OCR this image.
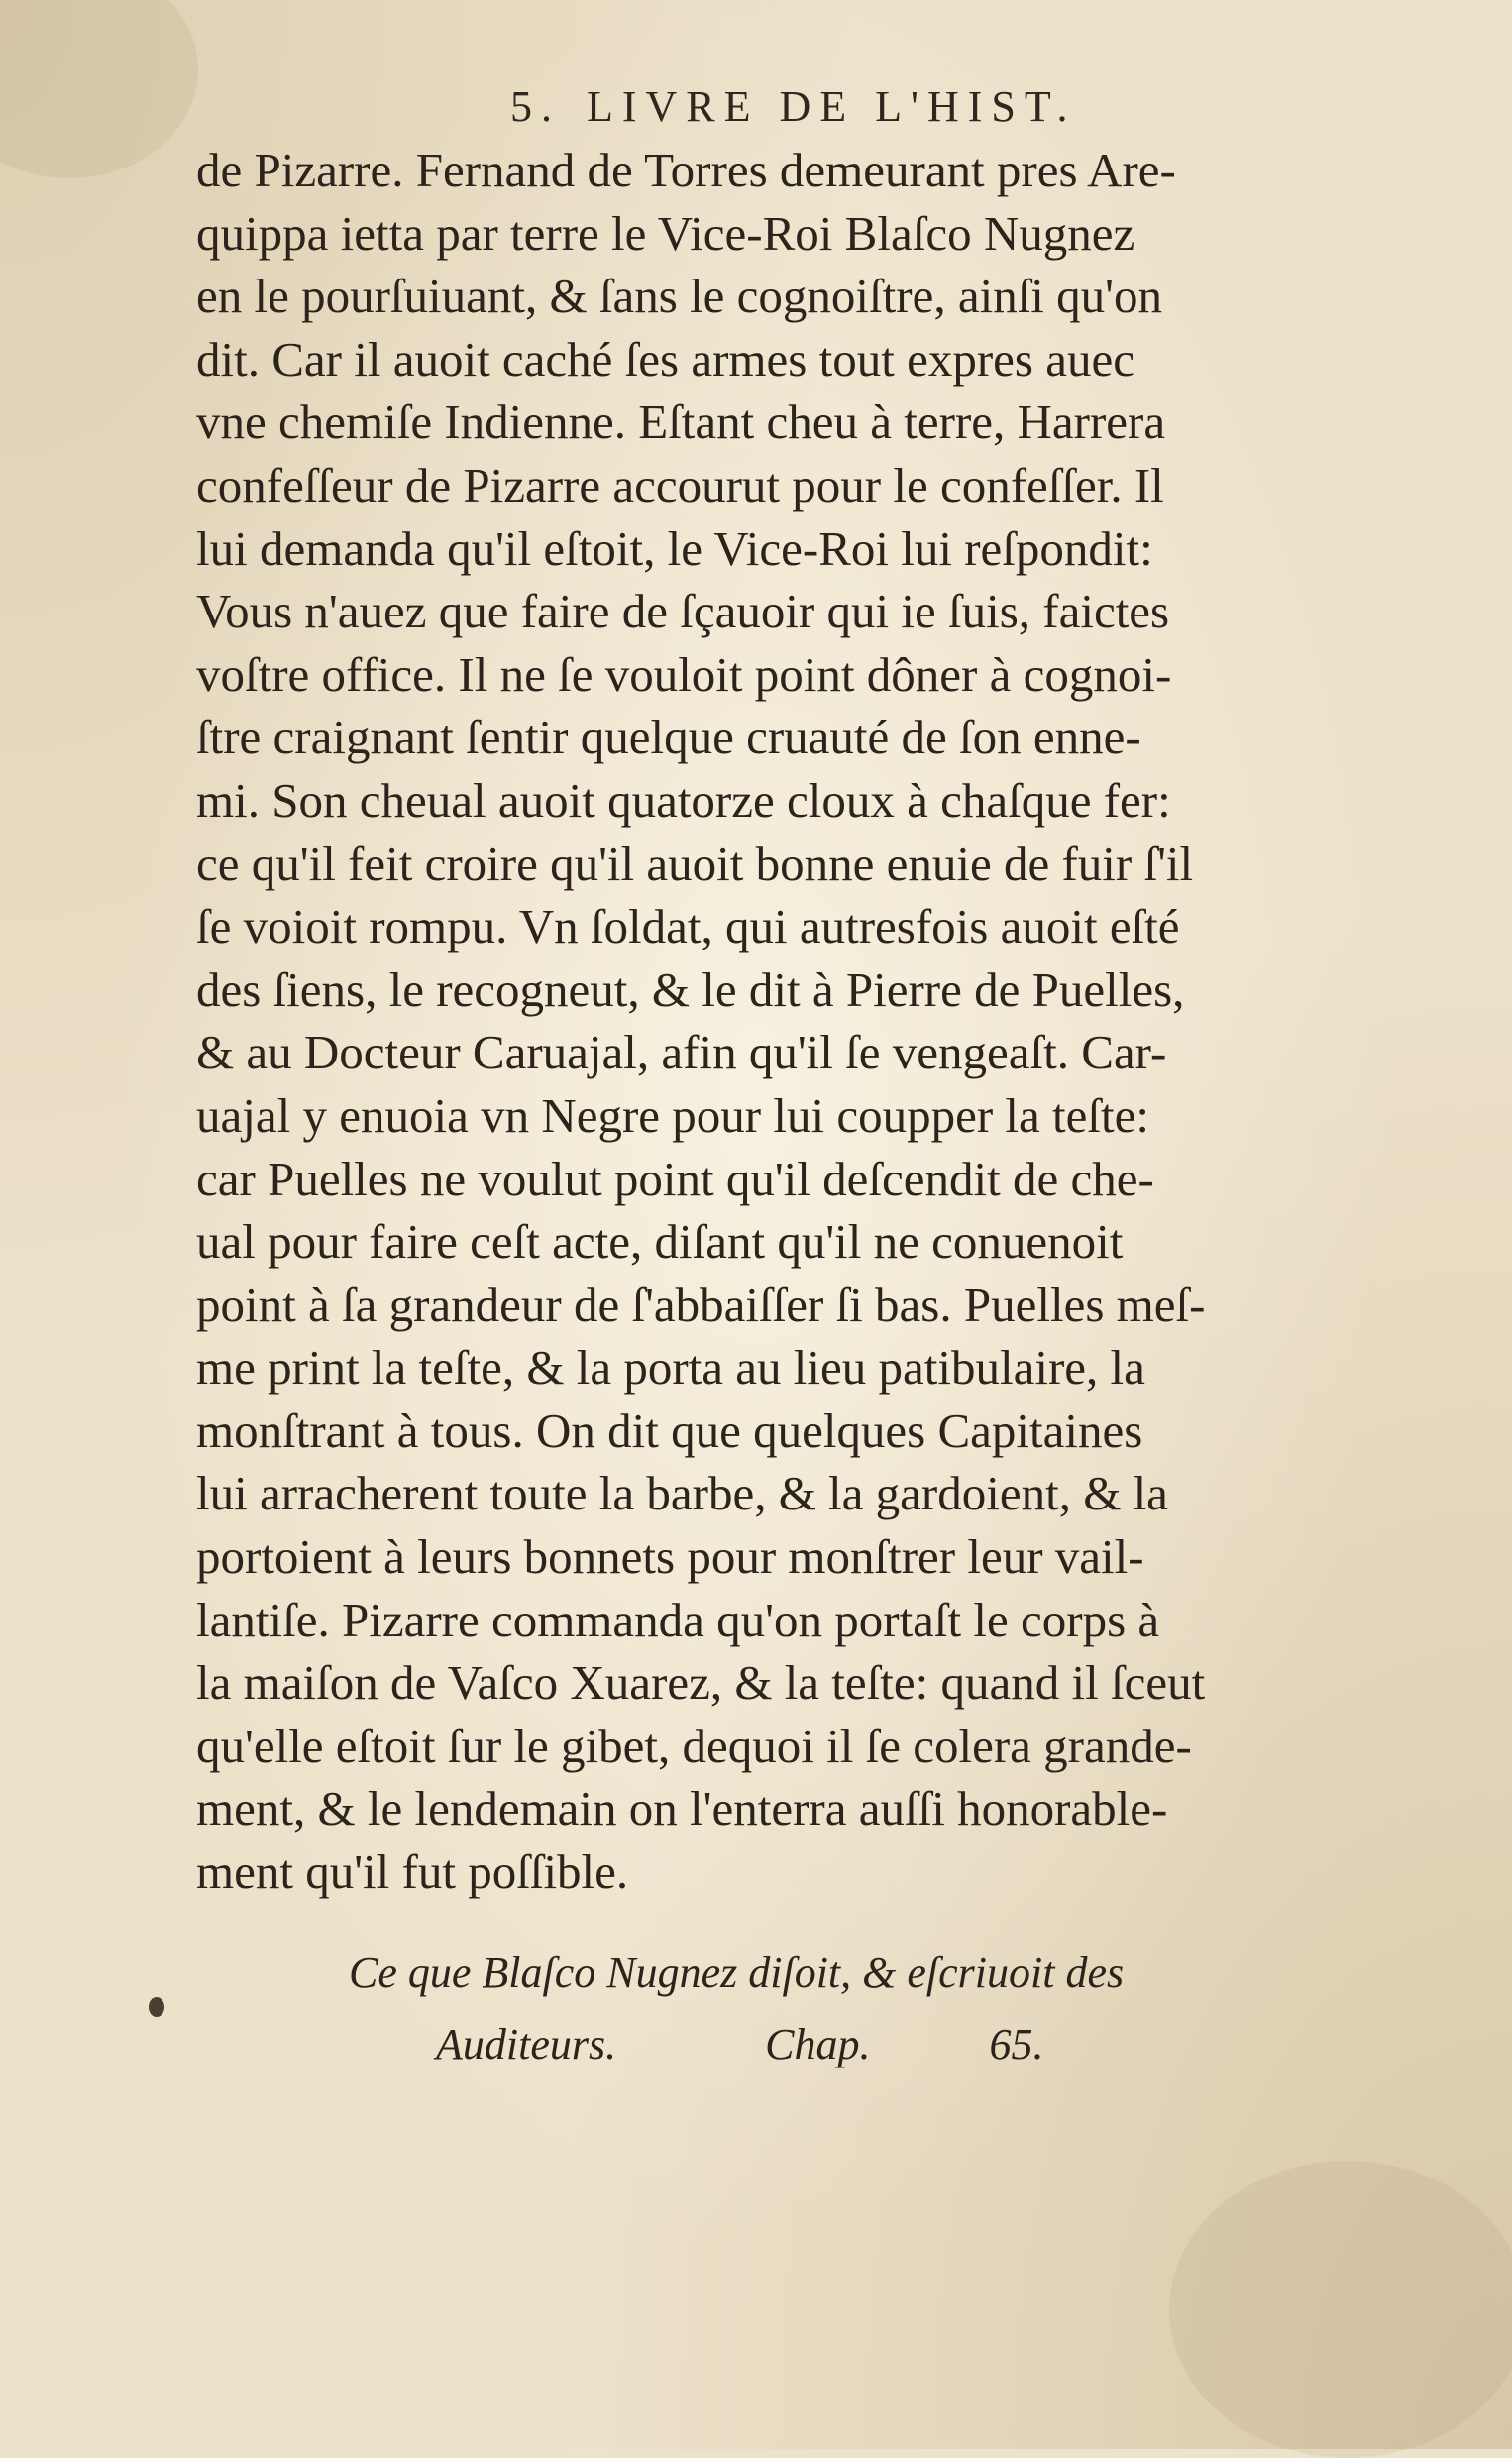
5. LIVRE DE L'HIST.
de Pizarre. Fernand de Torres demeurant pres Are-
quippa ietta par terre le Vice-Roi Blaſco Nugnez
en le pourſuiuant, & ſans le cognoiſtre, ainſi qu'on
dit. Car il auoit caché ſes armes tout expres auec
vne chemiſe Indienne. Eſtant cheu à terre, Harrera
confeſſeur de Pizarre accourut pour le confeſſer. Il
lui demanda qu'il eſtoit, le Vice-Roi lui reſpondit:
Vous n'auez que faire de ſçauoir qui ie ſuis, faictes
voſtre office. Il ne ſe vouloit point dôner à cognoi-
ſtre craignant ſentir quelque cruauté de ſon enne-
mi. Son cheual auoit quatorze cloux à chaſque fer:
ce qu'il feit croire qu'il auoit bonne enuie de fuir ſ'il
ſe voioit rompu. Vn ſoldat, qui autresfois auoit eſté
des ſiens, le recogneut, & le dit à Pierre de Puelles,
& au Docteur Caruajal, afin qu'il ſe vengeaſt. Car-
uajal y enuoia vn Negre pour lui coupper la teſte:
car Puelles ne voulut point qu'il deſcendit de che-
ual pour faire ceſt acte, diſant qu'il ne conuenoit
point à ſa grandeur de ſ'abbaiſſer ſi bas. Puelles meſ-
me print la teſte, & la porta au lieu patibulaire, la
monſtrant à tous. On dit que quelques Capitaines
lui arracherent toute la barbe, & la gardoient, & la
portoient à leurs bonnets pour monſtrer leur vail-
lantiſe. Pizarre commanda qu'on portaſt le corps à
la maiſon de Vaſco Xuarez, & la teſte: quand il ſceut
qu'elle eſtoit ſur le gibet, dequoi il ſe colera grande-
ment, & le lendemain on l'enterra auſſi honorable-
ment qu'il fut poſſible.
Ce que Blaſco Nugnez diſoit, & eſcriuoit des
Auditeurs.	Chap.	65.
